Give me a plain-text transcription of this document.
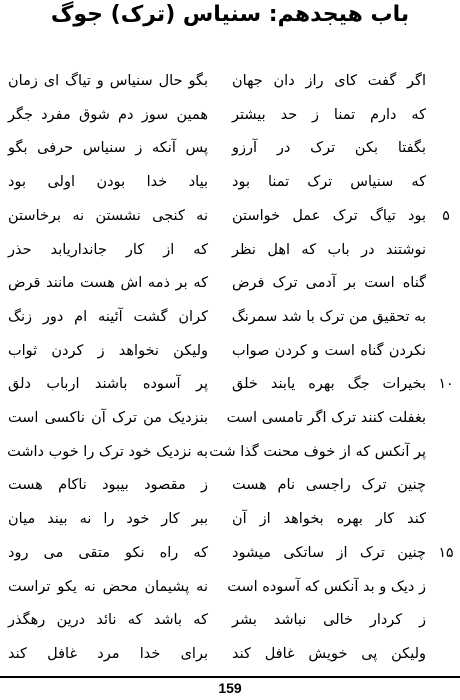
باب هیجدهم: سنیاس (ترک) جوگ
اگر گفت کای راز دان جهان
بگو حال سنیاس و تیاگ ای زمان
که دارم تمنا ز حد بیشتر
همین سوز دم شوق مفرد جگر
بگفتا بکن ترک در آرزو
پس آنکه ز سنیاس حرفی بگو
که سنیاس ترک تمنا بود
بیاد خدا بودن اولی بود
بود تیاگ ترک عمل خواستن
نه کنجی نشستن نه برخاستن	۵
نوشتند در باب که اهل نظر
که از کار جانداریابد حذر
گناه است بر آدمی ترک فرض
که بر ذمه اش هست مانند قرض
به تحقیق من ترک با شد سمرنگ
کران گشت آئینه ام دور زنگ
نکردن گناه است و کردن صواب
ولیکن نخواهد ز کردن ثواب
بخیرات جگ بهره یابند خلق
پر آسوده باشند ارباب دلق	۱۰
بغفلت کنند ترک اگر تامسی است
بنزدیک من ترک آن ناکسی است
پر آنکس که از خوف محنت گذا شت
به نزدیک خود ترک را خوب داشت
چنین ترک راجسی نام هست
ز مقصود بیبود ناکام هست
کند کار بهره بخواهد از آن
ببر کار خود را نه بیند میان
چنین ترک از ساتکی میشود
که راه نکو متقی می رود	۱۵
ز دیک و بد آنکس که آسوده است
نه پشیمان محض نه یکو تراست
ز کردار خالی نباشد بشر
که باشد که نائد درین رهگذر
ولیکن پی خویش غافل کند
برای خدا مرد غافل کند
159
